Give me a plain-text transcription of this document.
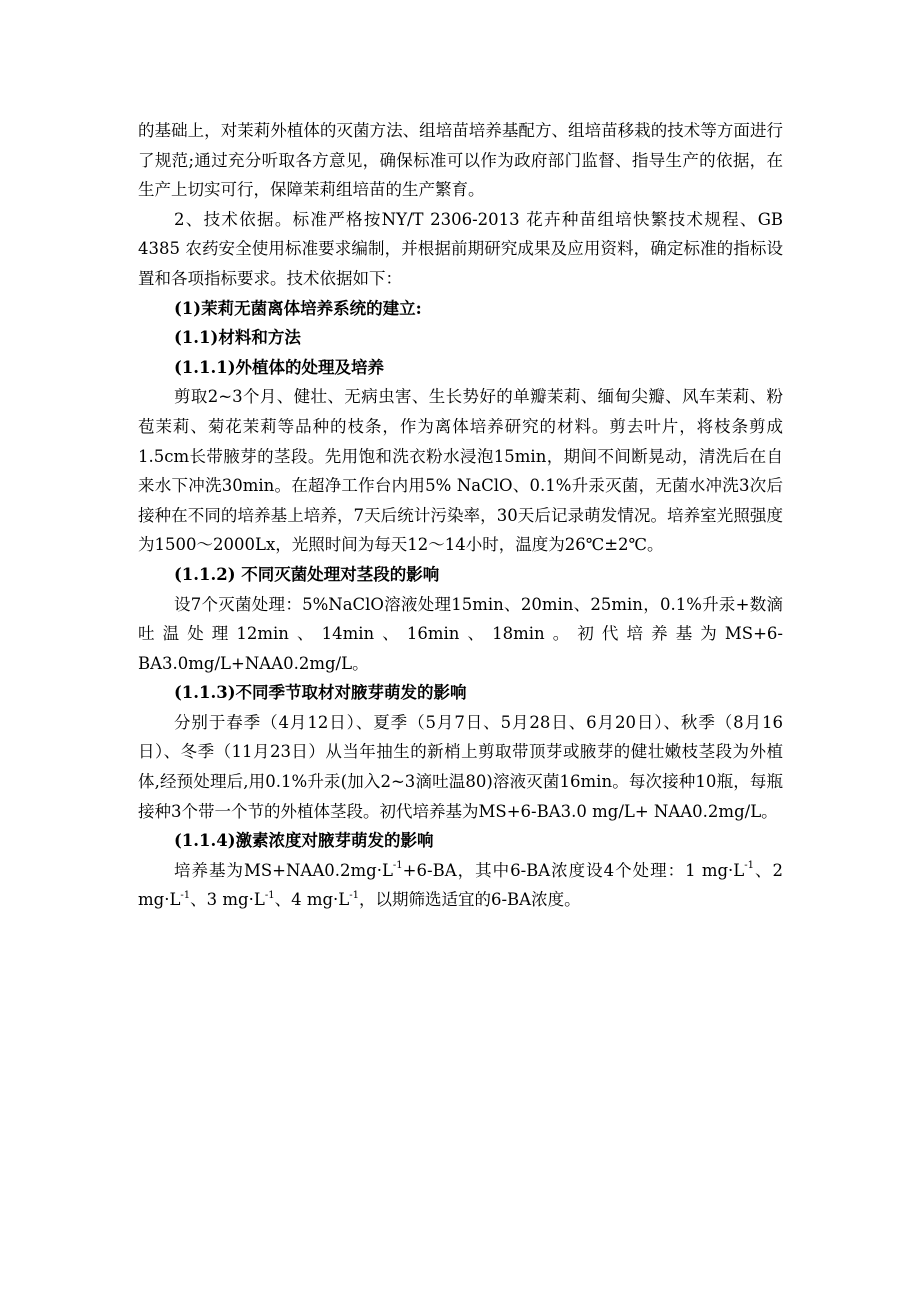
的基础上，对茉莉外植体的灭菌方法、组培苗培养基配方、组培苗移栽的技术等方面进行了规范;通过充分听取各方意见，确保标准可以作为政府部门监督、指导生产的依据，在生产上切实可行，保障茉莉组培苗的生产繁育。

2、技术依据。标准严格按NY/T 2306-2013 花卉种苗组培快繁技术规程、GB 4385 农药安全使用标准要求编制，并根据前期研究成果及应用资料，确定标准的指标设置和各项指标要求。技术依据如下：

(1)茉莉无菌离体培养系统的建立:

(1.1)材料和方法

(1.1.1)外植体的处理及培养

剪取2~3个月、健壮、无病虫害、生长势好的单瓣茉莉、缅甸尖瓣、风车茉莉、粉苞茉莉、菊花茉莉等品种的枝条，作为离体培养研究的材料。剪去叶片，将枝条剪成1.5cm长带腋芽的茎段。先用饱和洗衣粉水浸泡15min，期间不间断晃动，清洗后在自来水下冲洗30min。在超净工作台内用5% NaClO、0.1%升汞灭菌，无菌水冲洗3次后接种在不同的培养基上培养，7天后统计污染率，30天后记录萌发情况。培养室光照强度为1500～2000Lx，光照时间为每天12～14小时，温度为26℃±2℃。

(1.1.2) 不同灭菌处理对茎段的影响

设7个灭菌处理：5%NaClO溶液处理15min、20min、25min，0.1%升汞+数滴吐温处理12min、14min、16min、18min。初代培养基为MS+6-BA3.0mg/L+NAA0.2mg/L。

(1.1.3)不同季节取材对腋芽萌发的影响

分别于春季（4月12日）、夏季（5月7日、5月28日、6月20日）、秋季（8月16日）、冬季（11月23日）从当年抽生的新梢上剪取带顶芽或腋芽的健壮嫩枝茎段为外植体,经预处理后,用0.1%升汞(加入2~3滴吐温80)溶液灭菌16min。每次接种10瓶，每瓶接种3个带一个节的外植体茎段。初代培养基为MS+6-BA3.0 mg/L+ NAA0.2mg/L。

(1.1.4)激素浓度对腋芽萌发的影响

培养基为$MS+NAA0.2mg\cdot L^{-1}+6-BA$，其中6-BA浓度设4个处理：1 $mg\cdot L^{-1}$、2 $mg\cdot L^{-1}$、3 $mg\cdot L^{-1}$、4 $mg\cdot L^{-1}$，以期筛选适宜的6-BA浓度。
